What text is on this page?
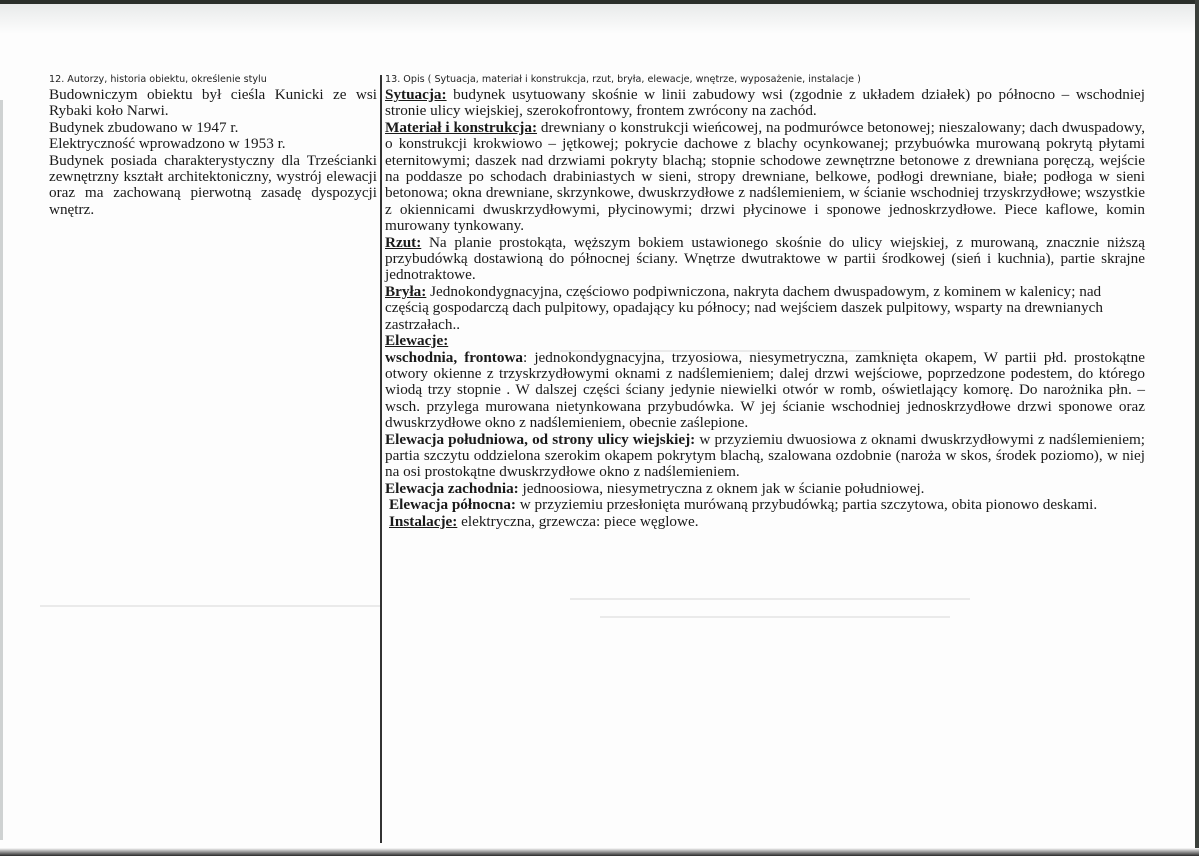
12. Autorzy, historia obiektu, określenie stylu

Budowniczym obiektu był cieśla Kunicki ze wsi Rybaki koło Narwi.

Budynek zbudowano w 1947 r.

Elektryczność wprowadzono w 1953 r.

Budynek posiada charakterystyczny dla Trześcianki zewnętrzny kształt architektoniczny, wystrój elewacji oraz ma zachowaną pierwotną zasadę dyspozycji wnętrz.

13. Opis ( Sytuacja, materiał i konstrukcja, rzut, bryła, elewacje, wnętrze, wyposażenie, instalacje )

Sytuacja: budynek usytuowany skośnie w linii zabudowy wsi (zgodnie z układem działek) po północno – wschodniej stronie ulicy wiejskiej, szerokofrontowy, frontem zwrócony na zachód.

Materiał i konstrukcja: drewniany o konstrukcji wieńcowej, na podmurówce betonowej; nieszalowany; dach dwuspadowy, o konstrukcji krokwiowo – jętkowej; pokrycie dachowe z blachy ocynkowanej; przybuówka murowaną pokrytą płytami eternitowymi; daszek nad drzwiami pokryty blachą; stopnie schodowe zewnętrzne betonowe z drewniana poręczą, wejście na poddasze po schodach drabiniastych w sieni, stropy drewniane, belkowe, podłogi drewniane, białe; podłoga w sieni betonowa; okna drewniane, skrzynkowe, dwuskrzydłowe z nadślemieniem, w ścianie wschodniej trzyskrzydłowe; wszystkie z okiennicami dwuskrzydłowymi, płycinowymi; drzwi płycinowe i sponowe jednoskrzydłowe. Piece kaflowe, komin murowany tynkowany.

Rzut: Na planie prostokąta, węższym bokiem ustawionego skośnie do ulicy wiejskiej, z murowaną, znacznie niższą przybudówką dostawioną do północnej ściany. Wnętrze dwutraktowe w partii środkowej (sień i kuchnia), partie skrajne jednotraktowe.

Bryła: Jednokondygnacyjna, częściowo podpiwniczona, nakryta dachem dwuspadowym, z kominem w kalenicy; nad częścią gospodarczą dach pulpitowy, opadający ku północy; nad wejściem daszek pulpitowy, wsparty na drewnianych zastrzałach..

Elewacje:

wschodnia, frontowa: jednokondygnacyjna, trzyosiowa, niesymetryczna, zamknięta okapem, W partii płd. prostokątne otwory okienne z trzyskrzydłowymi oknami z nadślemieniem; dalej drzwi wejściowe, poprzedzone podestem, do którego wiodą trzy stopnie . W dalszej części ściany jedynie niewielki otwór w romb, oświetlający komorę. Do narożnika płn. – wsch. przylega murowana nietynkowana przybudówka. W jej ścianie wschodniej jednoskrzydłowe drzwi sponowe oraz dwuskrzydłowe okno z nadślemieniem, obecnie zaślepione.

Elewacja południowa, od strony ulicy wiejskiej: w przyziemiu dwuosiowa z oknami dwuskrzydłowymi z nadślemieniem; partia szczytu oddzielona szerokim okapem pokrytym blachą, szalowana ozdobnie (naroża w skos, środek poziomo), w niej na osi prostokątne dwuskrzydłowe okno z nadślemieniem.

Elewacja zachodnia: jednoosiowa, niesymetryczna z oknem jak w ścianie południowej.

Elewacja północna: w przyziemiu przesłonięta murówaną przybudówką; partia szczytowa, obita pionowo deskami.

Instalacje: elektryczna, grzewcza: piece węglowe.
